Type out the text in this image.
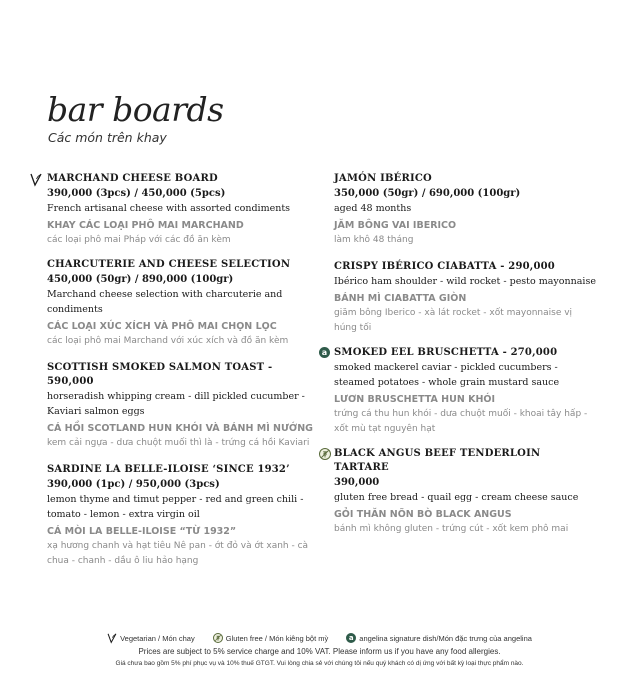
bar boards
Các món trên khay
MARCHAND CHEESE BOARD
390,000 (3pcs) / 450,000 (5pcs)
French artisanal cheese with assorted condiments
KHAY CÁC LOẠI PHÔ MAI MARCHAND
các loại phô mai Pháp với các đồ ăn kèm
CHARCUTERIE AND CHEESE SELECTION
450,000 (50gr) / 890,000 (100gr)
Marchand cheese selection with charcuterie and condiments
CÁC LOẠI XÚC XÍCH VÀ PHÔ MAI CHỌN LỌC
các loại phô mai Marchand với xúc xích và đồ ăn kèm
SCOTTISH SMOKED SALMON TOAST - 590,000
horseradish whipping cream - dill pickled cucumber - Kaviari salmon eggs
CÁ HỒI SCOTLAND HUN KHÓI VÀ BÁNH MÌ NƯỚNG
kem cải ngựa - dưa chuột muối thì là - trứng cá hồi Kaviari
SARDINE LA BELLE-ILOISE ‘SINCE 1932’
390,000 (1pc) / 950,000 (3pcs)
lemon thyme and timut pepper - red and green chili - tomato - lemon - extra virgin oil
CÁ MÒI LA BELLE-ILOISE “TỪ 1932”
xạ hương chanh và hạt tiêu Nê pan - ớt đỏ và ớt xanh - cà chua - chanh - dầu ô liu hảo hạng
JAMÓN IBÉRICO
350,000 (50gr) / 690,000 (100gr)
aged 48 months
JĂM BÔNG VAI IBERICO
làm khô 48 tháng
CRISPY IBÉRICO CIABATTA - 290,000
Ibérico ham shoulder - wild rocket - pesto mayonnaise
BÁNH MÌ CIABATTA GIÒN
giăm bông Iberico - xà lát rocket - xốt mayonnaise vị húng tối
a SMOKED EEL BRUSCHETTA - 270,000
smoked mackerel caviar - pickled cucumbers - steamed potatoes - whole grain mustard sauce
LƯƠN BRUSCHETTA HUN KHÓI
trứng cá thu hun khói - dưa chuột muối - khoai tây hấp - xốt mù tạt nguyên hạt
BLACK ANGUS BEEF TENDERLOIN TARTARE
390,000
gluten free bread - quail egg - cream cheese sauce
GỎI THĂN NÕN BÒ BLACK ANGUS
bánh mì không gluten - trứng cút - xốt kem phô mai
Vegetarian / Món chay	Gluten free / Món kiêng bột mỳ	a angelina signature dish/Món đặc trưng của angelina
Prices are subject to 5% service charge and 10% VAT. Please inform us if you have any food allergies.
Giá chưa bao gồm 5% phí phục vụ và 10% thuế GTGT. Vui lòng chia sẻ với chúng tôi nếu quý khách có dị ứng với bất kỳ loại thực phẩm nào.
